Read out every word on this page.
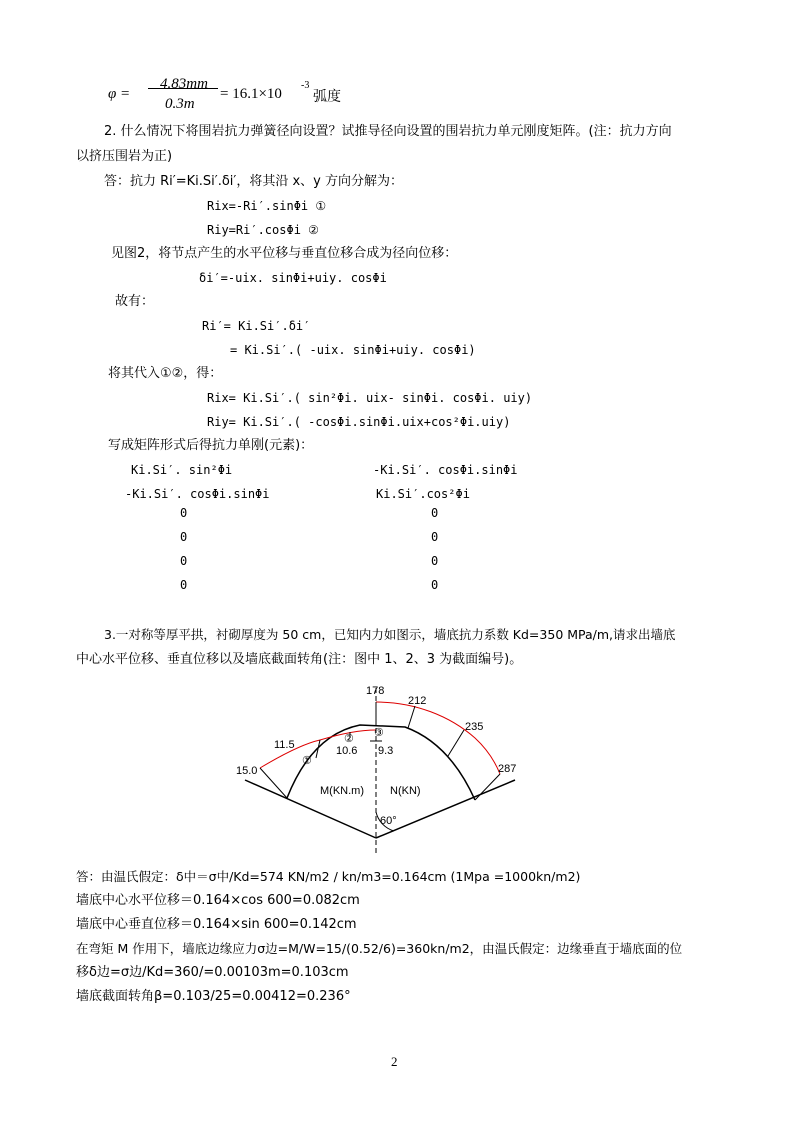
φ =
4.83mm
0.3m
= 16.1×10
-3
弧度
2. 什么情况下将围岩抗力弹簧径向设置？试推导径向设置的围岩抗力单元刚度矩阵。(注：抗力方向
以挤压围岩为正)
答：抗力 Ri′=Ki.Si′.δi′，将其沿 x、y 方向分解为：
Rix=-Ri′.sinΦi ①
Riy=Ri′.cosΦi ②
见图2，将节点产生的水平位移与垂直位移合成为径向位移：
δi′=-uix. sinΦi+uiy. cosΦi
故有：
Ri′= Ki.Si′.δi′
= Ki.Si′.( -uix. sinΦi+uiy. cosΦi)
将其代入①②，得：
Rix= Ki.Si′.( sin²Φi. uix- sinΦi. cosΦi. uiy)
Riy= Ki.Si′.( -cosΦi.sinΦi.uix+cos²Φi.uiy)
写成矩阵形式后得抗力单刚(元素)：
Ki.Si′. sin²Φi	-Ki.Si′. cosΦi.sinΦi
-Ki.Si′. cosΦi.sinΦi	Ki.Si′.cos²Φi
0	0
0	0
0	0
0	0
3.一对称等厚平拱，衬砌厚度为 50 cm，已知内力如图示，墙底抗力系数 Kd=350 MPa/m,请求出墙底
中心水平位移、垂直位移以及墙底截面转角(注：图中 1、2、3 为截面编号)。
178
212
235
287
11.5	10.6 9.3
15.0
①
② ③
M(KN.m) N(KN)
60°
答：由温氏假定：δ中＝σ中/Kd=574 KN/m2 / kn/m3=0.164cm (1Mpa =1000kn/m2)
墙底中心水平位移＝0.164×cos 600=0.082cm
墙底中心垂直位移＝0.164×sin 600=0.142cm
在弯矩 M 作用下，墙底边缘应力σ边=M/W=15/(0.52/6)=360kn/m2，由温氏假定：边缘垂直于墙底面的位
移δ边=σ边/Kd=360/=0.00103m=0.103cm
墙底截面转角β=0.103/25=0.00412=0.236°
2
